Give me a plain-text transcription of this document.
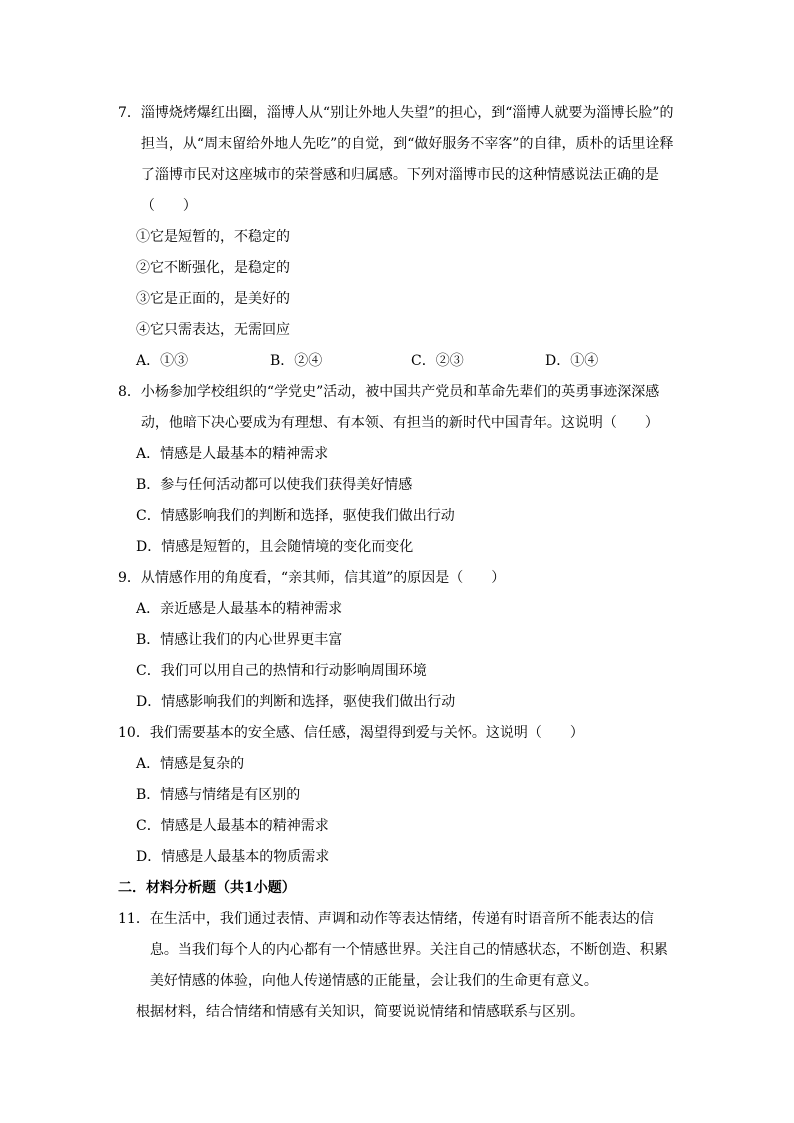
7． 淄博烧烤爆红出圈，淄博人从“别让外地人失望”的担心，到“淄博人就要为淄博长脸”的担当，从“周末留给外地人先吃”的自觉，到“做好服务不宰客”的自律，质朴的话里诠释了淄博市民对这座城市的荣誉感和归属感。下列对淄博市民的这种情感说法正确的是（　　）
①它是短暂的，不稳定的
②它不断强化，是稳定的
③它是正面的，是美好的
④它只需表达，无需回应
A．①③	B．②④	C．②③	D．①④
8． 小杨参加学校组织的“学党史”活动，被中国共产党员和革命先辈们的英勇事迹深深感动，他暗下决心要成为有理想、有本领、有担当的新时代中国青年。这说明（　　）
A．情感是人最基本的精神需求
B．参与任何活动都可以使我们获得美好情感
C．情感影响我们的判断和选择，驱使我们做出行动
D．情感是短暂的，且会随情境的变化而变化
9． 从情感作用的角度看，“亲其师，信其道”的原因是（　　）
A．亲近感是人最基本的精神需求
B．情感让我们的内心世界更丰富
C．我们可以用自己的热情和行动影响周围环境
D．情感影响我们的判断和选择，驱使我们做出行动
10． 我们需要基本的安全感、信任感，渴望得到爱与关怀。这说明（　　）
A．情感是复杂的
B．情感与情绪是有区别的
C．情感是人最基本的精神需求
D．情感是人最基本的物质需求
二．材料分析题（共1小题）
11． 在生活中，我们通过表情、声调和动作等表达情绪，传递有时语音所不能表达的信息。当我们每个人的内心都有一个情感世界。关注自己的情感状态，不断创造、积累美好情感的体验，向他人传递情感的正能量，会让我们的生命更有意义。
根据材料，结合情绪和情感有关知识，简要说说情绪和情感联系与区别。
